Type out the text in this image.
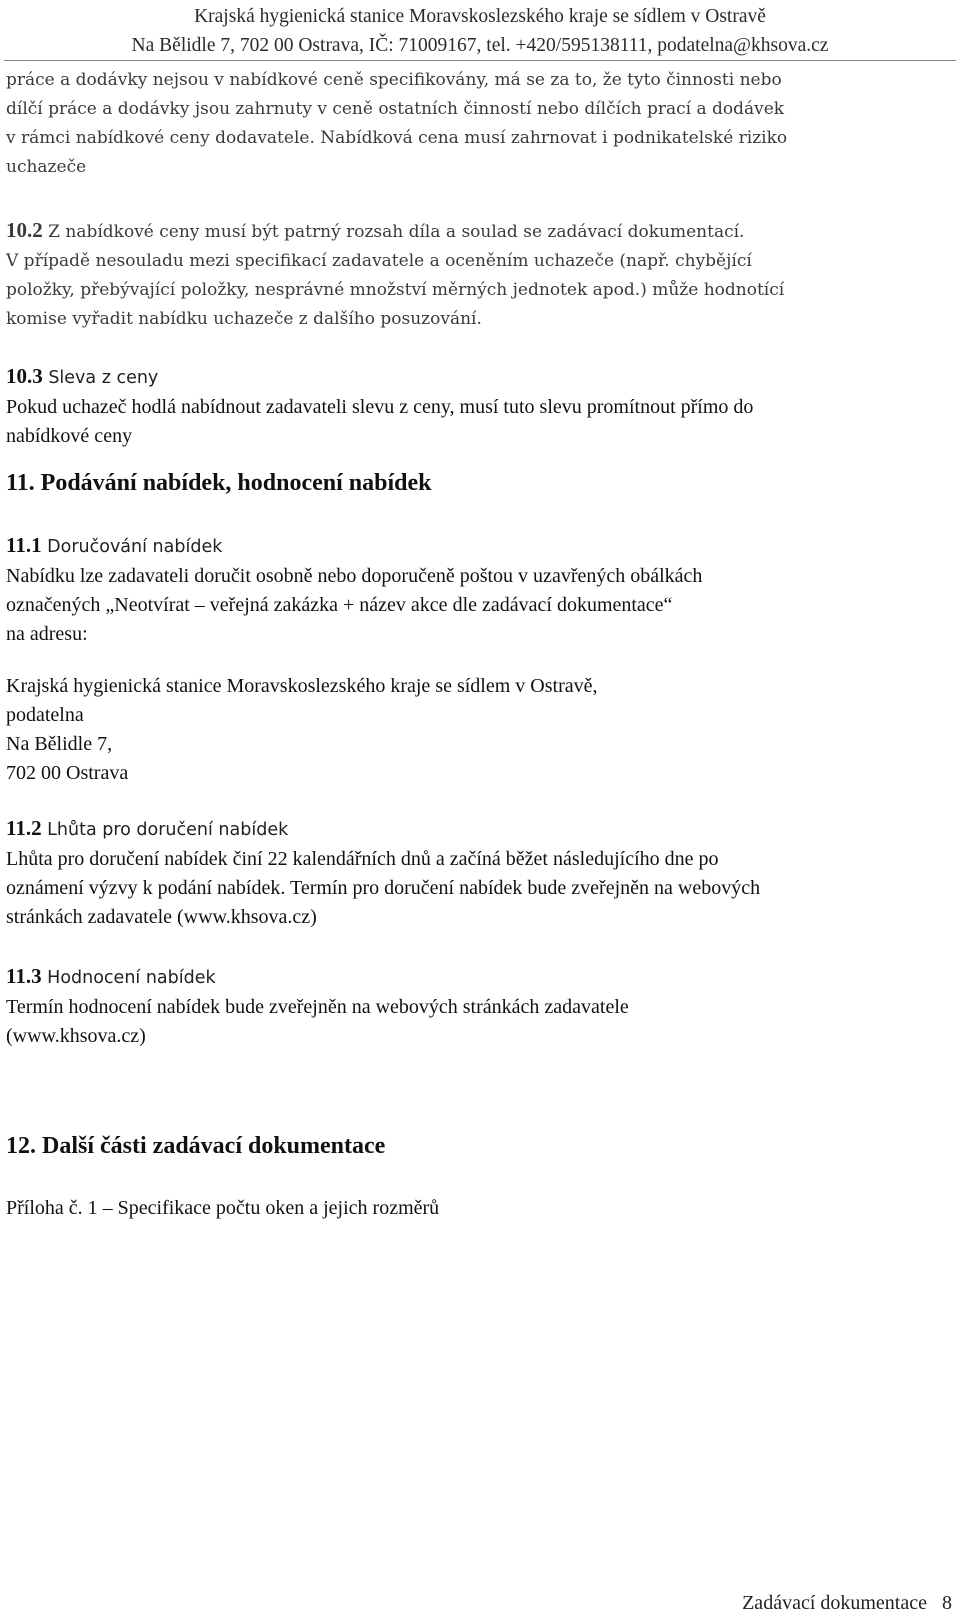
Krajská hygienická stanice Moravskoslezského kraje se sídlem v Ostravě
Na Bělidle 7, 702 00 Ostrava, IČ: 71009167, tel. +420/595138111, podatelna@khsova.cz
práce a dodávky nejsou v nabídkové ceně specifikovány, má se za to, že tyto činnosti nebo
dílčí práce a dodávky jsou zahrnuty v ceně ostatních činností nebo dílčích prací a dodávek
v rámci nabídkové ceny dodavatele. Nabídková cena musí zahrnovat i podnikatelské riziko
uchazeče
10.2 Z nabídkové ceny musí být patrný rozsah díla a soulad se zadávací dokumentací.
V případě nesouladu mezi specifikací zadavatele a oceněním uchazeče (např. chybějící
položky, přebývající položky, nesprávné množství měrných jednotek apod.) může hodnotící
komise vyřadit nabídku uchazeče z dalšího posuzování.
10.3 Sleva z ceny
Pokud uchazeč hodlá nabídnout zadavateli slevu z ceny, musí tuto slevu promítnout přímo do
nabídkové ceny
11. Podávání nabídek, hodnocení nabídek
11.1 Doručování nabídek
Nabídku lze zadavateli doručit osobně nebo doporučeně poštou v uzavřených obálkách
označených „Neotvírat – veřejná zakázka + název akce dle zadávací dokumentace“
na adresu:
Krajská hygienická stanice Moravskoslezského kraje se sídlem v Ostravě,
podatelna
Na Bělidle 7,
702 00 Ostrava
11.2 Lhůta pro doručení nabídek
Lhůta pro doručení nabídek činí 22 kalendářních dnů a začíná běžet následujícího dne po
oznámení výzvy k podání nabídek. Termín pro doručení nabídek bude zveřejněn na webových
stránkách zadavatele (www.khsova.cz)
11.3 Hodnocení nabídek
Termín hodnocení nabídek bude zveřejněn na webových stránkách zadavatele
(www.khsova.cz)
12. Další části zadávací dokumentace
Příloha č. 1 – Specifikace počtu oken a jejich rozměrů
Zadávací dokumentace 8
